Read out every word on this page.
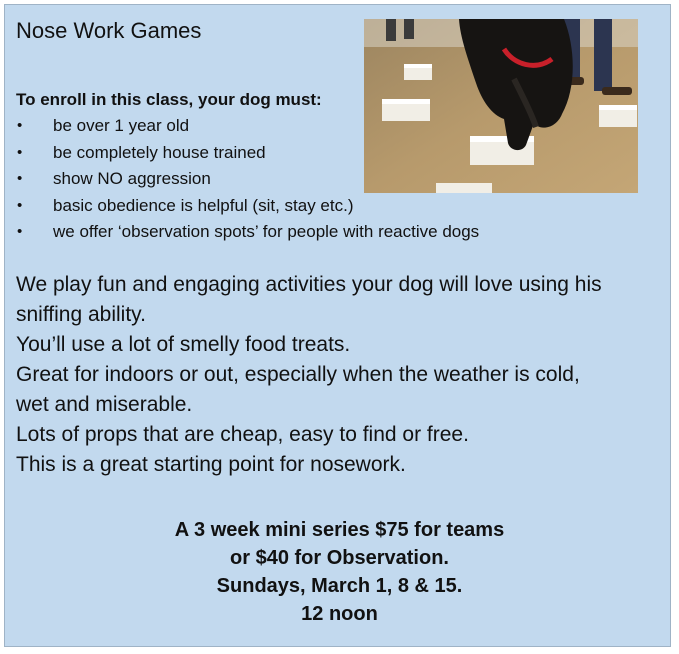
Nose Work Games
To enroll in this class, your dog must:
• be over 1 year old
• be completely house trained
• show NO aggression
• basic obedience is helpful (sit, stay etc.)
• we offer ‘observation spots’ for people with reactive dogs
We play fun and engaging activities your dog will love using his
sniffing ability.
You’ll use a lot of smelly food treats.
Great for indoors or out, especially when the weather is cold,
wet and miserable.
Lots of props that are cheap, easy to find or free.
This is a great starting point for nosework.
A 3 week mini series $75 for teams
or $40 for Observation.
Sundays, March 1, 8 & 15.
12 noon
